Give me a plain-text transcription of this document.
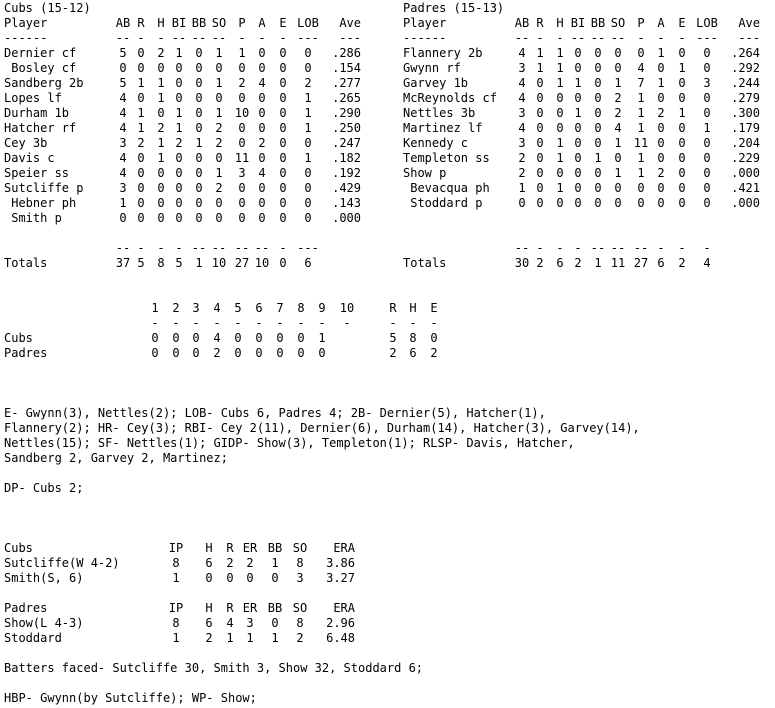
Cubs (15-12)
Player	AB R	H BI BB SO	P	A	E LOB	Ave
------	-- -	- -- -- --	-	-	- ---	---
Dernier cf	5 0	2 1	0	1	1	0	0	0	.286
Bosley cf	0 0	0 0	0	0	0	0	0	0	.154
Sandberg 2b	5 1	1 0	0	1	2	4	0	2	.277
Lopes lf	4 0	1 0	0	0	0	0	0	1	.265
Durham 1b	4 1	0 1	0	1	10 0	0	1	.290
Hatcher rf	4 1	2 1	0	2	0	0	0	1	.250
Cey 3b	3 2	1 2	1	2	0	2	0	0	.247
Davis c	4 0	1 0	0	0	11 0	0	1	.182
Speier ss	4 0	0 0	0	1	3	4	0	0	.192
Sutcliffe p	3 0	0 0	0	2	0	0	0	0	.429
Hebner ph	1 0	0 0	0	0	0	0	0	0	.143
Smith p	0 0	0 0	0	0	0	0	0	0	.000
-- -	- - -- -- -- -- - ---
Totals	37 5	8 5	1 10 27 10 0	6
Padres (15-13)
Player	AB R	H BI BB SO	P	A	E LOB	Ave
------	-- -	- -- -- --	-	-	- ---	---
Flannery 2b	4 1	1 0	0	0	0	1	0	0	.264
Gwynn rf	3 1	1 0	0	0	4	0	1	0	.292
Garvey 1b	4 0	1 1	0	1	7	1	0	3	.244
McReynolds cf	4 0	0 0	0	2	1	0	0	0	.279
Nettles 3b	3 0	0 1	0	2	1	2	1	0	.300
Martinez lf	4 0	0 0	0	4	1	0	0	1	.179
Kennedy c	3 0	1 0	0	1	11 0	0	0	.204
Templeton ss	2 0	1 0	1	0	1	0	0	0	.229
Show p	2 0	0 0	0	1	1	2	0	0	.000
Bevacqua ph	1 0	1 0	0	0	0	0	0	0	.421
Stoddard p	0 0	0 0	0	0	0	0	0	0	.000
-- -	- - -- -- -- -	-	-
Totals	30 2	6 2	1 11 27 6	2	4
1	2	3	4	5	6	7	8	9	10	R	H	E
-	-	-	-	-	-	-	-	-	-	-	-	-
Cubs	0	0	0	4	0	0	0	0	1	5	8	0
Padres	0	0	0	2	0	0	0	0	0	2	6	2
E- Gwynn(3), Nettles(2); LOB- Cubs 6, Padres 4; 2B- Dernier(5), Hatcher(1),
Flannery(2); HR- Cey(3); RBI- Cey 2(11), Dernier(6), Durham(14), Hatcher(3), Garvey(14),
Nettles(15); SF- Nettles(1); GIDP- Show(3), Templeton(1); RLSP- Davis, Hatcher,
Sandberg 2, Garvey 2, Martinez;
DP- Cubs 2;
Cubs	IP	H	R ER BB SO	ERA
Sutcliffe(W 4-2)	8	6	2	2	1	8	3.86
Smith(S, 6)	1	0	0	0	0	3	3.27
Padres	IP	H	R ER BB SO	ERA
Show(L 4-3)	8	6	4	3	0	8	2.96
Stoddard	1	2	1	1	1	2	6.48
Batters faced- Sutcliffe 30, Smith 3, Show 32, Stoddard 6;
HBP- Gwynn(by Sutcliffe); WP- Show;
